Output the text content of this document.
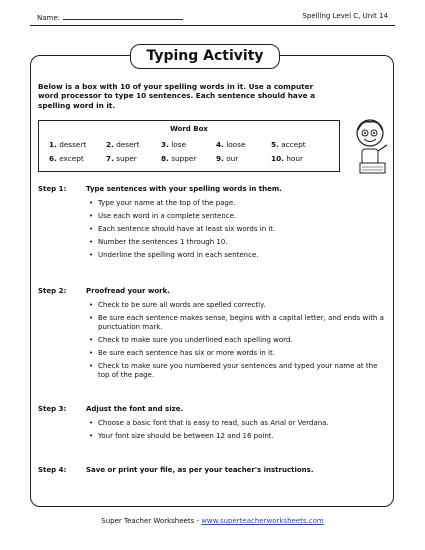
Name:	Spelling Level C, Unit 14
Typing Activity
Below is a box with 10 of your spelling words in it. Use a computer word processor to type 10 sentences. Each sentence should have a spelling word in it.
Word Box
1. dessert	2. desert	3. lose	4. loose	5. accept
6. except	7. super	8. supper	9. our	10. hour
Step 1:	Type sentences with your spelling words in them.
• Type your name at the top of the page.
• Use each word in a complete sentence.
• Each sentence should have at least six words in it.
• Number the sentences 1 through 10.
• Underline the spelling word in each sentence.
Step 2:	Proofread your work.
• Check to be sure all words are spelled correctly.
• Be sure each sentence makes sense, begins with a capital letter, and ends with a punctuation mark.
• Check to make sure you underlined each spelling word.
• Be sure each sentence has six or more words in it.
• Check to make sure you numbered your sentences and typed your name at the top of the page.
Step 3:	Adjust the font and size.
• Choose a basic font that is easy to read, such as Arial or Verdana.
• Your font size should be between 12 and 16 point.
Step 4:	Save or print your file, as per your teacher's instructions.
Super Teacher Worksheets - www.superteacherworksheets.com
